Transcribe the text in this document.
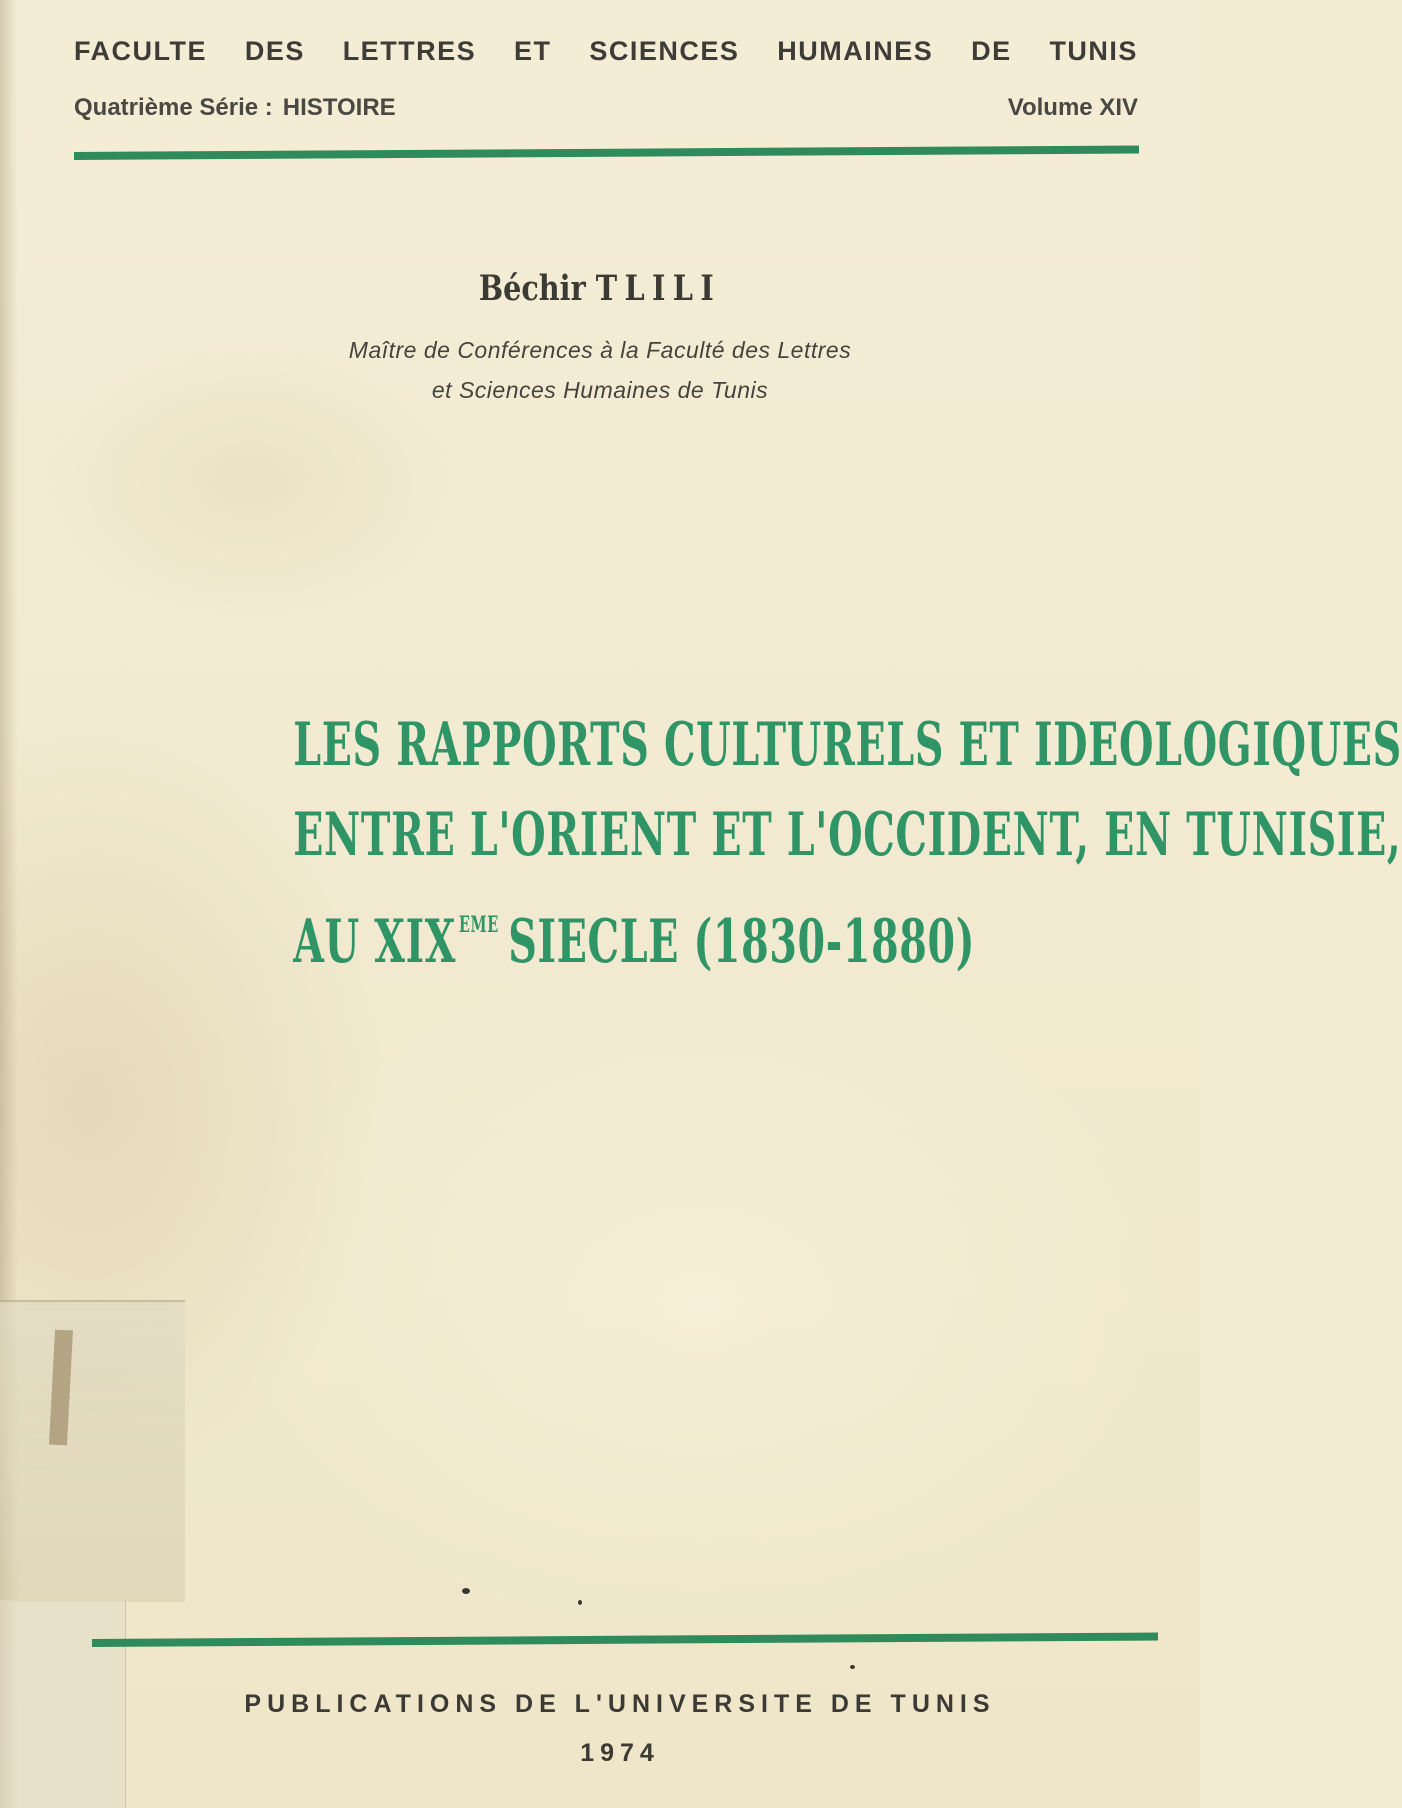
FACULTE DES LETTRES ET SCIENCES HUMAINES DE TUNIS
Quatrième Série : HISTOIRE	Volume XIV
Béchir TLILI
Maître de Conférences à la Faculté des Lettres
et Sciences Humaines de Tunis
LES RAPPORTS CULTURELS ET IDEOLOGIQUES
ENTRE L'ORIENT ET L'OCCIDENT, EN TUNISIE,
AU XIX $^{EME}$ SIECLE (1830-1880)
PUBLICATIONS DE L'UNIVERSITE DE TUNIS
1974
